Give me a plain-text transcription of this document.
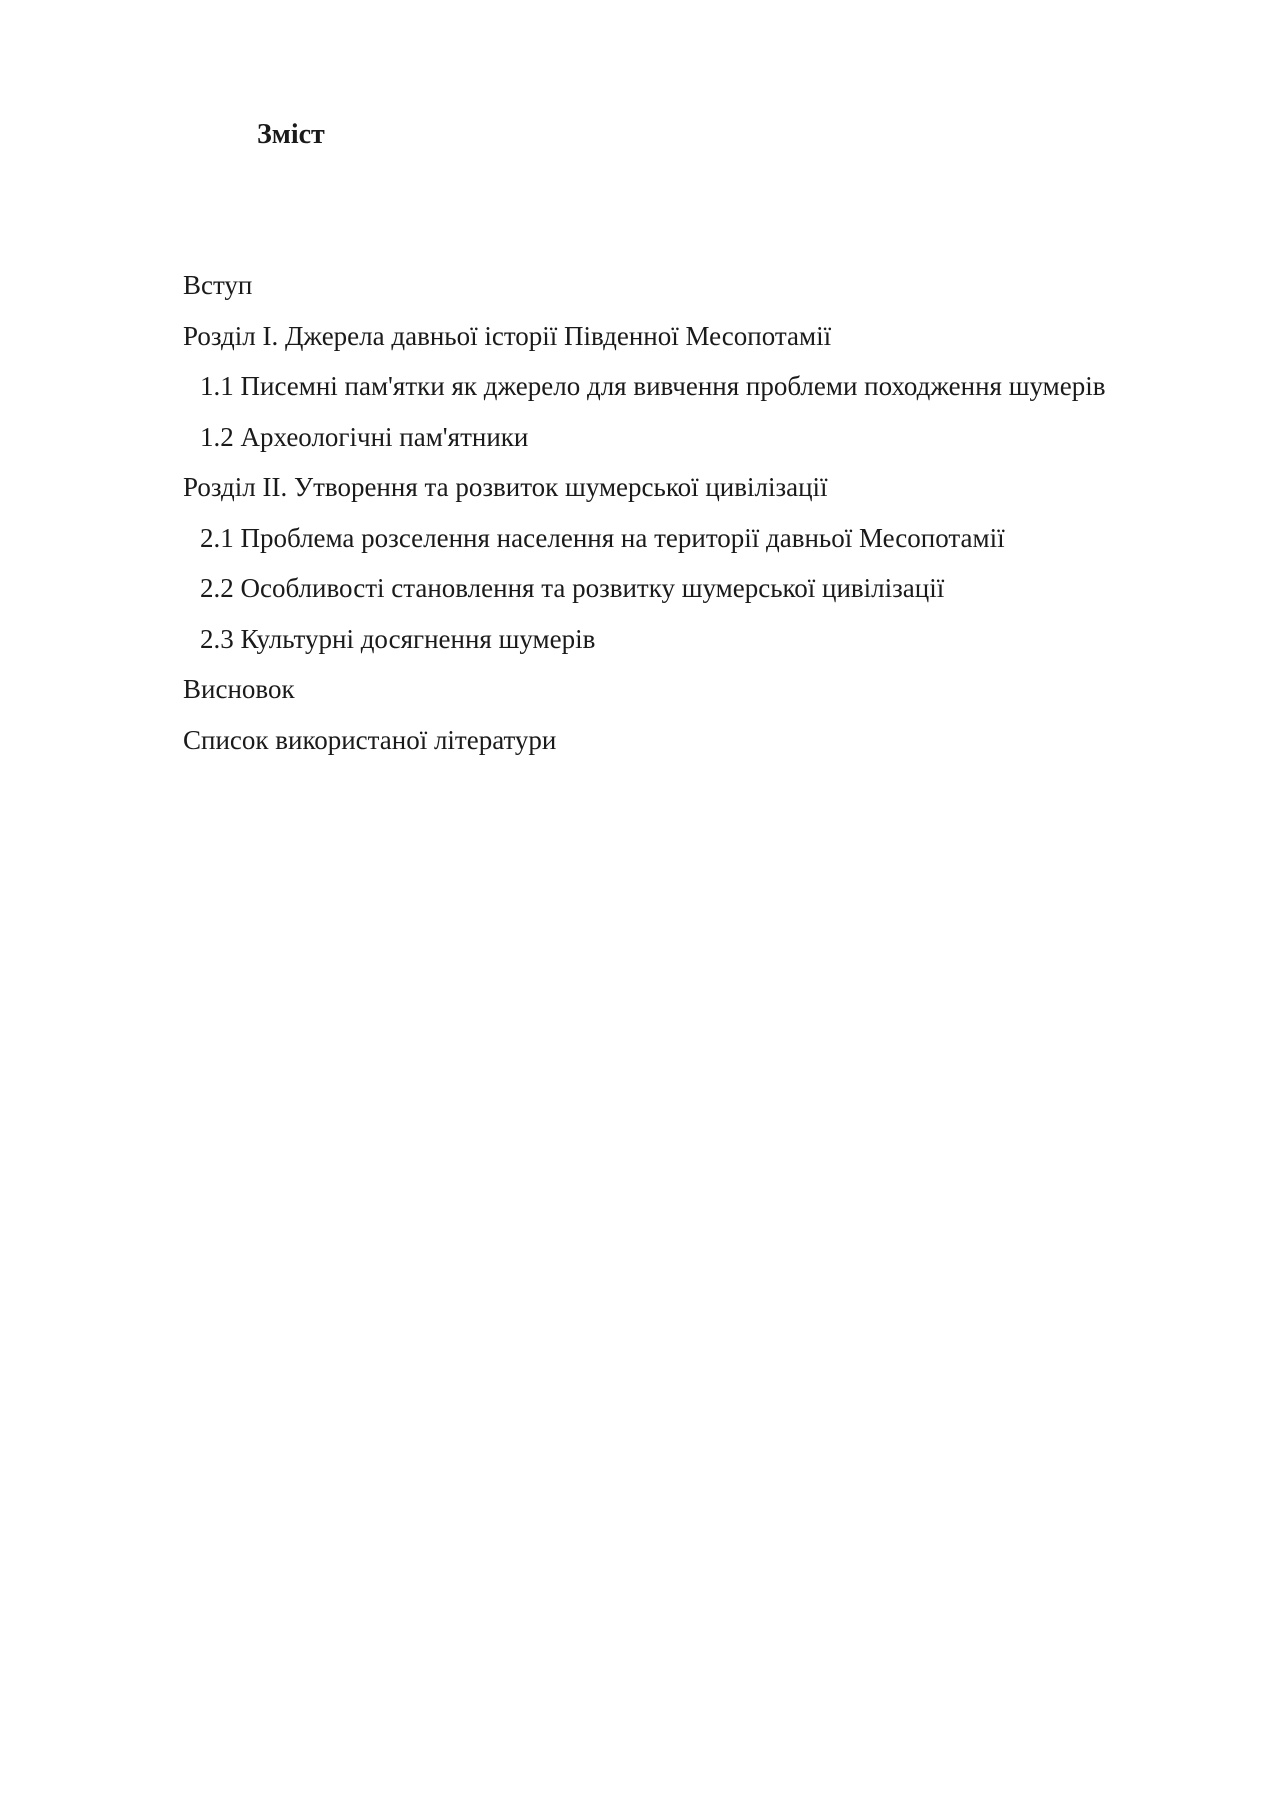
Зміст
Вступ
Розділ І. Джерела давньої історії Південної Месопотамії
1.1 Писемні пам'ятки як джерело для вивчення проблеми походження шумерів
1.2 Археологічні пам'ятники
Розділ ІІ. Утворення та розвиток шумерської цивілізації
2.1 Проблема розселення населення на території давньої Месопотамії
2.2 Особливості становлення та розвитку шумерської цивілізації
2.3 Культурні досягнення шумерів
Висновок
Список використаної літератури
